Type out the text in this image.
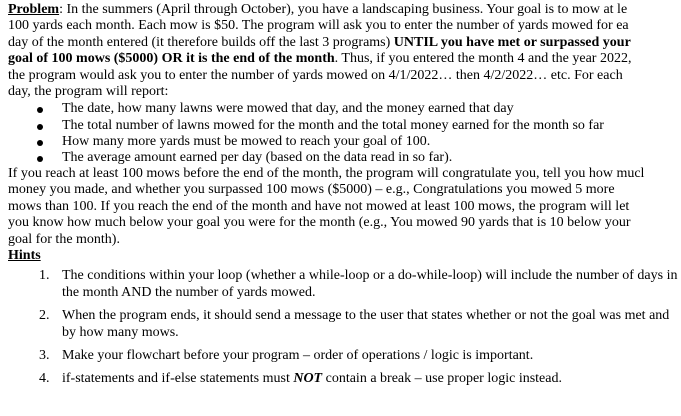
Problem: In the summers (April through October), you have a landscaping business. Your goal is to mow at le
100 yards each month. Each mow is $50. The program will ask you to enter the number of yards mowed for ea
day of the month entered (it therefore builds off the last 3 programs) UNTIL you have met or surpassed your
goal of 100 mows ($5000) OR it is the end of the month. Thus, if you entered the month 4 and the year 2022,
the program would ask you to enter the number of yards mowed on 4/1/2022… then 4/2/2022… etc. For each
day, the program will report:
The date, how many lawns were mowed that day, and the money earned that day
The total number of lawns mowed for the month and the total money earned for the month so far
How many more yards must be mowed to reach your goal of 100.
The average amount earned per day (based on the data read in so far).
If you reach at least 100 mows before the end of the month, the program will congratulate you, tell you how mucl
money you made, and whether you surpassed 100 mows ($5000) – e.g., Congratulations you mowed 5 more
mows than 100. If you reach the end of the month and have not mowed at least 100 mows, the program will let
you know how much below your goal you were for the month (e.g., You mowed 90 yards that is 10 below your
goal for the month).
Hints
1. The conditions within your loop (whether a while-loop or a do-while-loop) will include the number of days in the month AND the number of yards mowed.
2. When the program ends, it should send a message to the user that states whether or not the goal was met and by how many mows.
3. Make your flowchart before your program – order of operations / logic is important.
4. if-statements and if-else statements must NOT contain a break – use proper logic instead.
